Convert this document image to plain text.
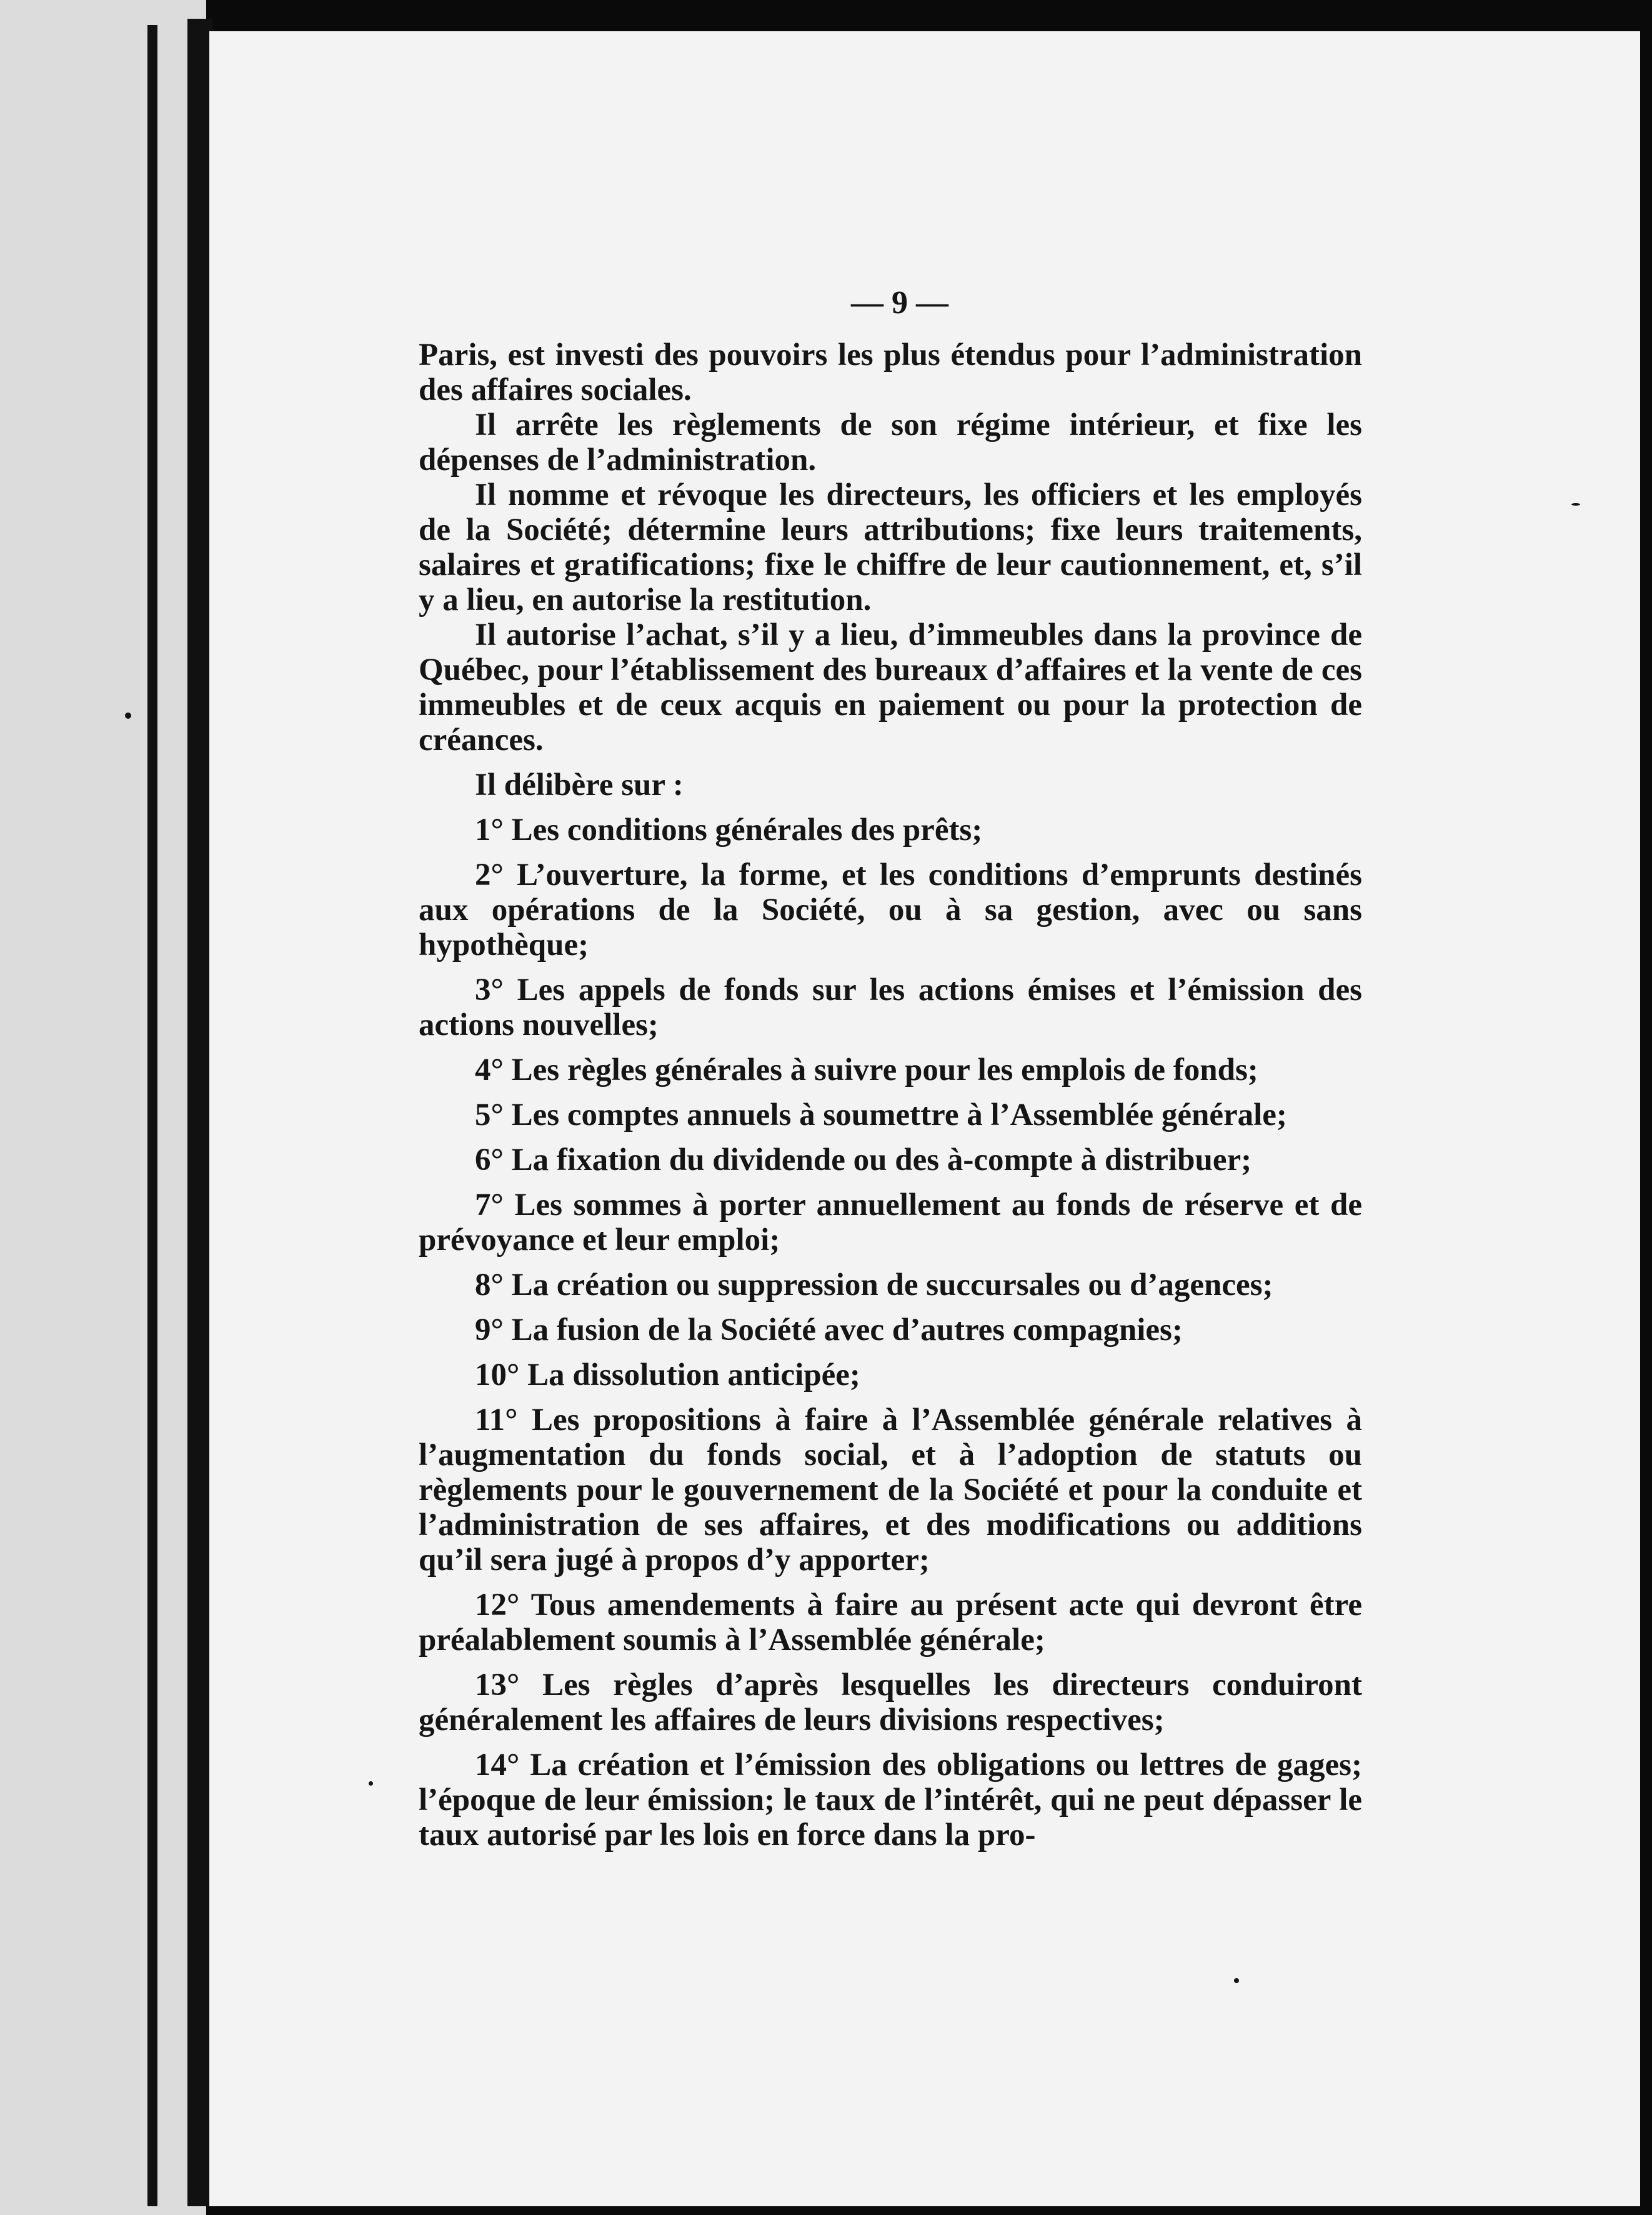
— 9 —

Paris, est investi des pouvoirs les plus étendus pour l’administration des affaires sociales.

Il arrête les règlements de son régime intérieur, et fixe les dépenses de l’administration.

Il nomme et révoque les directeurs, les officiers et les employés de la Société; détermine leurs attributions; fixe leurs traitements, salaires et gratifications; fixe le chiffre de leur cautionnement, et, s’il y a lieu, en autorise la restitution.

Il autorise l’achat, s’il y a lieu, d’immeubles dans la province de Québec, pour l’établissement des bureaux d’affaires et la vente de ces immeubles et de ceux acquis en paiement ou pour la protection de créances.

Il délibère sur :

1° Les conditions générales des prêts;

2° L’ouverture, la forme, et les conditions d’emprunts destinés aux opérations de la Société, ou à sa gestion, avec ou sans hypothèque;

3° Les appels de fonds sur les actions émises et l’émission des actions nouvelles;

4° Les règles générales à suivre pour les emplois de fonds;

5° Les comptes annuels à soumettre à l’Assemblée générale;

6° La fixation du dividende ou des à-compte à distribuer;

7° Les sommes à porter annuellement au fonds de réserve et de prévoyance et leur emploi;

8° La création ou suppression de succursales ou d’agences;

9° La fusion de la Société avec d’autres compagnies;

10° La dissolution anticipée;

11° Les propositions à faire à l’Assemblée générale relatives à l’augmentation du fonds social, et à l’adoption de statuts ou règlements pour le gouvernement de la Société et pour la conduite et l’administration de ses affaires, et des modifications ou additions qu’il sera jugé à propos d’y apporter;

12° Tous amendements à faire au présent acte qui devront être préalablement soumis à l’Assemblée générale;

13° Les règles d’après lesquelles les directeurs conduiront généralement les affaires de leurs divisions respectives;

14° La création et l’émission des obligations ou lettres de gages; l’époque de leur émission; le taux de l’intérêt, qui ne peut dépasser le taux autorisé par les lois en force dans la pro-
